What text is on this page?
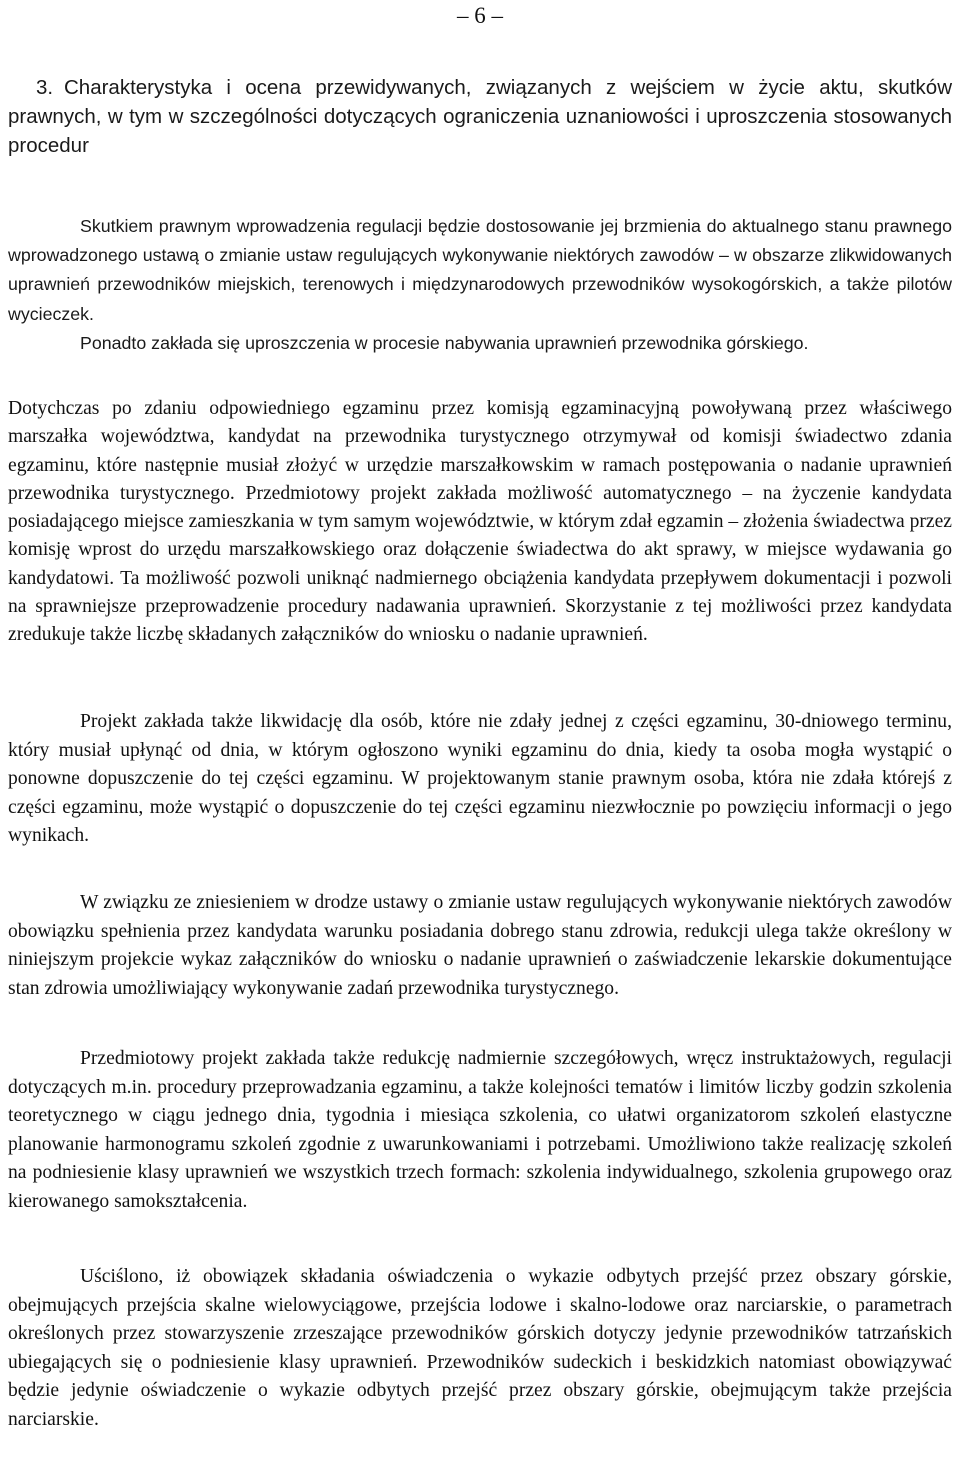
– 6 –
3. Charakterystyka i ocena przewidywanych, związanych z wejściem w życie aktu, skutków prawnych, w tym w szczególności dotyczących ograniczenia uznaniowości i uproszczenia stosowanych procedur

Skutkiem prawnym wprowadzenia regulacji będzie dostosowanie jej brzmienia do aktualnego stanu prawnego wprowadzonego ustawą o zmianie ustaw regulujących wykonywanie niektórych zawodów – w obszarze zlikwidowanych uprawnień przewodników miejskich, terenowych i międzynarodowych przewodników wysokogórskich, a także pilotów wycieczek.

Ponadto zakłada się uproszczenia w procesie nabywania uprawnień przewodnika górskiego.

Dotychczas po zdaniu odpowiedniego egzaminu przez komisją egzaminacyjną powoływaną przez właściwego marszałka województwa, kandydat na przewodnika turystycznego otrzymywał od komisji świadectwo zdania egzaminu, które następnie musiał złożyć w urzędzie marszałkowskim w ramach postępowania o nadanie uprawnień przewodnika turystycznego. Przedmiotowy projekt zakłada możliwość automatycznego – na życzenie kandydata posiadającego miejsce zamieszkania w tym samym województwie, w którym zdał egzamin – złożenia świadectwa przez komisję wprost do urzędu marszałkowskiego oraz dołączenie świadectwa do akt sprawy, w miejsce wydawania go kandydatowi. Ta możliwość pozwoli uniknąć nadmiernego obciążenia kandydata przepływem dokumentacji i pozwoli na sprawniejsze przeprowadzenie procedury nadawania uprawnień. Skorzystanie z tej możliwości przez kandydata zredukuje także liczbę składanych załączników do wniosku o nadanie uprawnień.

Projekt zakłada także likwidację dla osób, które nie zdały jednej z części egzaminu, 30-dniowego terminu, który musiał upłynąć od dnia, w którym ogłoszono wyniki egzaminu do dnia, kiedy ta osoba mogła wystąpić o ponowne dopuszczenie do tej części egzaminu. W projektowanym stanie prawnym osoba, która nie zdała którejś z części egzaminu, może wystąpić o dopuszczenie do tej części egzaminu niezwłocznie po powzięciu informacji o jego wynikach.

W związku ze zniesieniem w drodze ustawy o zmianie ustaw regulujących wykonywanie niektórych zawodów obowiązku spełnienia przez kandydata warunku posiadania dobrego stanu zdrowia, redukcji ulega także określony w niniejszym projekcie wykaz załączników do wniosku o nadanie uprawnień o zaświadczenie lekarskie dokumentujące stan zdrowia umożliwiający wykonywanie zadań przewodnika turystycznego.

Przedmiotowy projekt zakłada także redukcję nadmiernie szczegółowych, wręcz instruktażowych, regulacji dotyczących m.in. procedury przeprowadzania egzaminu, a także kolejności tematów i limitów liczby godzin szkolenia teoretycznego w ciągu jednego dnia, tygodnia i miesiąca szkolenia, co ułatwi organizatorom szkoleń elastyczne planowanie harmonogramu szkoleń zgodnie z uwarunkowaniami i potrzebami. Umożliwiono także realizację szkoleń na podniesienie klasy uprawnień we wszystkich trzech formach: szkolenia indywidualnego, szkolenia grupowego oraz kierowanego samokształcenia.

Uściślono, iż obowiązek składania oświadczenia o wykazie odbytych przejść przez obszary górskie, obejmujących przejścia skalne wielowyciągowe, przejścia lodowe i skalno-lodowe oraz narciarskie, o parametrach określonych przez stowarzyszenie zrzeszające przewodników górskich dotyczy jedynie przewodników tatrzańskich ubiegających się o podniesienie klasy uprawnień. Przewodników sudeckich i beskidzkich natomiast obowiązywać będzie jedynie oświadczenie o wykazie odbytych przejść przez obszary górskie, obejmującym także przejścia narciarskie.
